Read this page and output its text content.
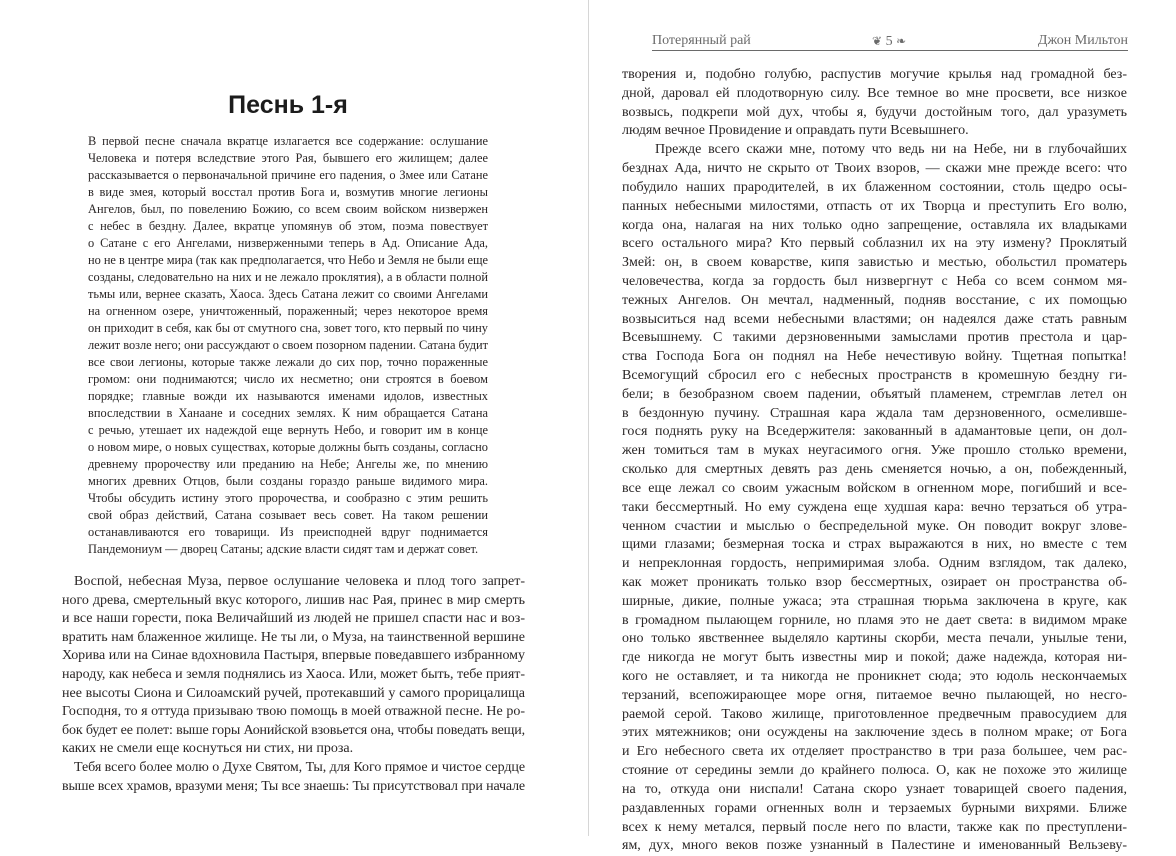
Песнь 1-я
В первой песне сначала вкратце излагается все содержание: ослушание
Человека и потеря вследствие этого Рая, бывшего его жилищем; далее
рассказывается о первоначальной причине его падения, о Змее или Сатане
в виде змея, который восстал против Бога и, возмутив многие легионы
Ангелов, был, по повелению Божию, со всем своим войском низвержен
с небес в бездну. Далее, вкратце упомянув об этом, поэма повествует
о Сатане с его Ангелами, низверженными теперь в Ад. Описание Ада,
но не в центре мира (так как предполагается, что Небо и Земля не были еще
созданы, следовательно на них и не лежало проклятия), а в области полной
тьмы или, вернее сказать, Хаоса. Здесь Сатана лежит со своими Ангелами
на огненном озере, уничтоженный, пораженный; через некоторое время
он приходит в себя, как бы от смутного сна, зовет того, кто первый по чину
лежит возле него; они рассуждают о своем позорном падении. Сатана будит
все свои легионы, которые также лежали до сих пор, точно пораженные
громом: они поднимаются; число их несметно; они строятся в боевом
порядке; главные вожди их называются именами идолов, известных
впоследствии в Ханаане и соседних землях. К ним обращается Сатана
с речью, утешает их надеждой еще вернуть Небо, и говорит им в конце
о новом мире, о новых существах, которые должны быть созданы, согласно
древнему пророчеству или преданию на Небе; Ангелы же, по мнению
многих древних Отцов, были созданы гораздо раньше видимого мира.
Чтобы обсудить истину этого пророчества, и сообразно с этим решить
свой образ действий, Сатана созывает весь совет. На таком решении
останавливаются его товарищи. Из преисподней вдруг поднимается
Пандемониум — дворец Сатаны; адские власти сидят там и держат совет.
Воспой, небесная Муза, первое ослушание человека и плод того запрет-
ного древа, смертельный вкус которого, лишив нас Рая, принес в мир смерть
и все наши горести, пока Величайший из людей не пришел спасти нас и воз-
вратить нам блаженное жилище. Не ты ли, о Муза, на таинственной вершине
Хорива или на Синае вдохновила Пастыря, впервые поведавшего избранному
народу, как небеса и земля поднялись из Хаоса. Или, может быть, тебе прият-
нее высоты Сиона и Силоамский ручей, протекавший у самого прорицалища
Господня, то я оттуда призываю твою помощь в моей отважной песне. Не ро-
бок будет ее полет: выше горы Аонийской взовьется она, чтобы поведать вещи,
каких не смели еще коснуться ни стих, ни проза.
Тебя всего более молю о Духе Святом, Ты, для Кого прямое и чистое сердце
выше всех храмов, вразуми меня; Ты все знаешь: Ты присутствовал при начале
Потерянный рай	❦ 5 ❧	Джон Мильтон
творения и, подобно голубю, распустив могучие крылья над громадной без-
дной, даровал ей плодотворную силу. Все темное во мне просвети, все низкое
возвысь, подкрепи мой дух, чтобы я, будучи достойным того, дал уразуметь
людям вечное Провидение и оправдать пути Всевышнего.
Прежде всего скажи мне, потому что ведь ни на Небе, ни в глубочайших
безднах Ада, ничто не скрыто от Твоих взоров, — скажи мне прежде всего: что
побудило наших прародителей, в их блаженном состоянии, столь щедро осы-
панных небесными милостями, отпасть от их Творца и преступить Его волю,
когда она, налагая на них только одно запрещение, оставляла их владыками
всего остального мира? Кто первый соблазнил их на эту измену? Проклятый
Змей: он, в своем коварстве, кипя завистью и местью, обольстил проматерь
человечества, когда за гордость был низвергнут с Неба со всем сонмом мя-
тежных Ангелов. Он мечтал, надменный, подняв восстание, с их помощью
возвыситься над всеми небесными властями; он надеялся даже стать равным
Всевышнему. С такими дерзновенными замыслами против престола и цар-
ства Господа Бога он поднял на Небе нечестивую войну. Тщетная попытка!
Всемогущий сбросил его с небесных пространств в кромешную бездну ги-
бели; в безобразном своем падении, объятый пламенем, стремглав летел он
в бездонную пучину. Страшная кара ждала там дерзновенного, осмеливше-
гося поднять руку на Вседержителя: закованный в адамантовые цепи, он дол-
жен томиться там в муках неугасимого огня. Уже прошло столько времени,
сколько для смертных девять раз день сменяется ночью, а он, побежденный,
все еще лежал со своим ужасным войском в огненном море, погибший и все-
таки бессмертный. Но ему суждена еще худшая кара: вечно терзаться об утра-
ченном счастии и мыслью о беспредельной муке. Он поводит вокруг злове-
щими глазами; безмерная тоска и страх выражаются в них, но вместе с тем
и непреклонная гордость, непримиримая злоба. Одним взглядом, так далеко,
как может проникать только взор бессмертных, озирает он пространства об-
ширные, дикие, полные ужаса; эта страшная тюрьма заключена в круге, как
в громадном пылающем горниле, но пламя это не дает света: в видимом мраке
оно только явственнее выделяло картины скорби, места печали, унылые тени,
где никогда не могут быть известны мир и покой; даже надежда, которая ни-
кого не оставляет, и та никогда не проникнет сюда; это юдоль нескончаемых
терзаний, всепожирающее море огня, питаемое вечно пылающей, но несго-
раемой серой. Таково жилище, приготовленное предвечным правосудием для
этих мятежников; они осуждены на заключение здесь в полном мраке; от Бога
и Его небесного света их отделяет пространство в три раза большее, чем рас-
стояние от середины земли до крайнего полюса. О, как не похоже это жилище
на то, откуда они ниспали! Сатана скоро узнает товарищей своего падения,
раздавленных горами огненных волн и терзаемых бурными вихрями. Ближе
всех к нему метался, первый после него по власти, также как по преступлени-
ям, дух, много веков позже узнанный в Палестине и именованный Вельзеву-
